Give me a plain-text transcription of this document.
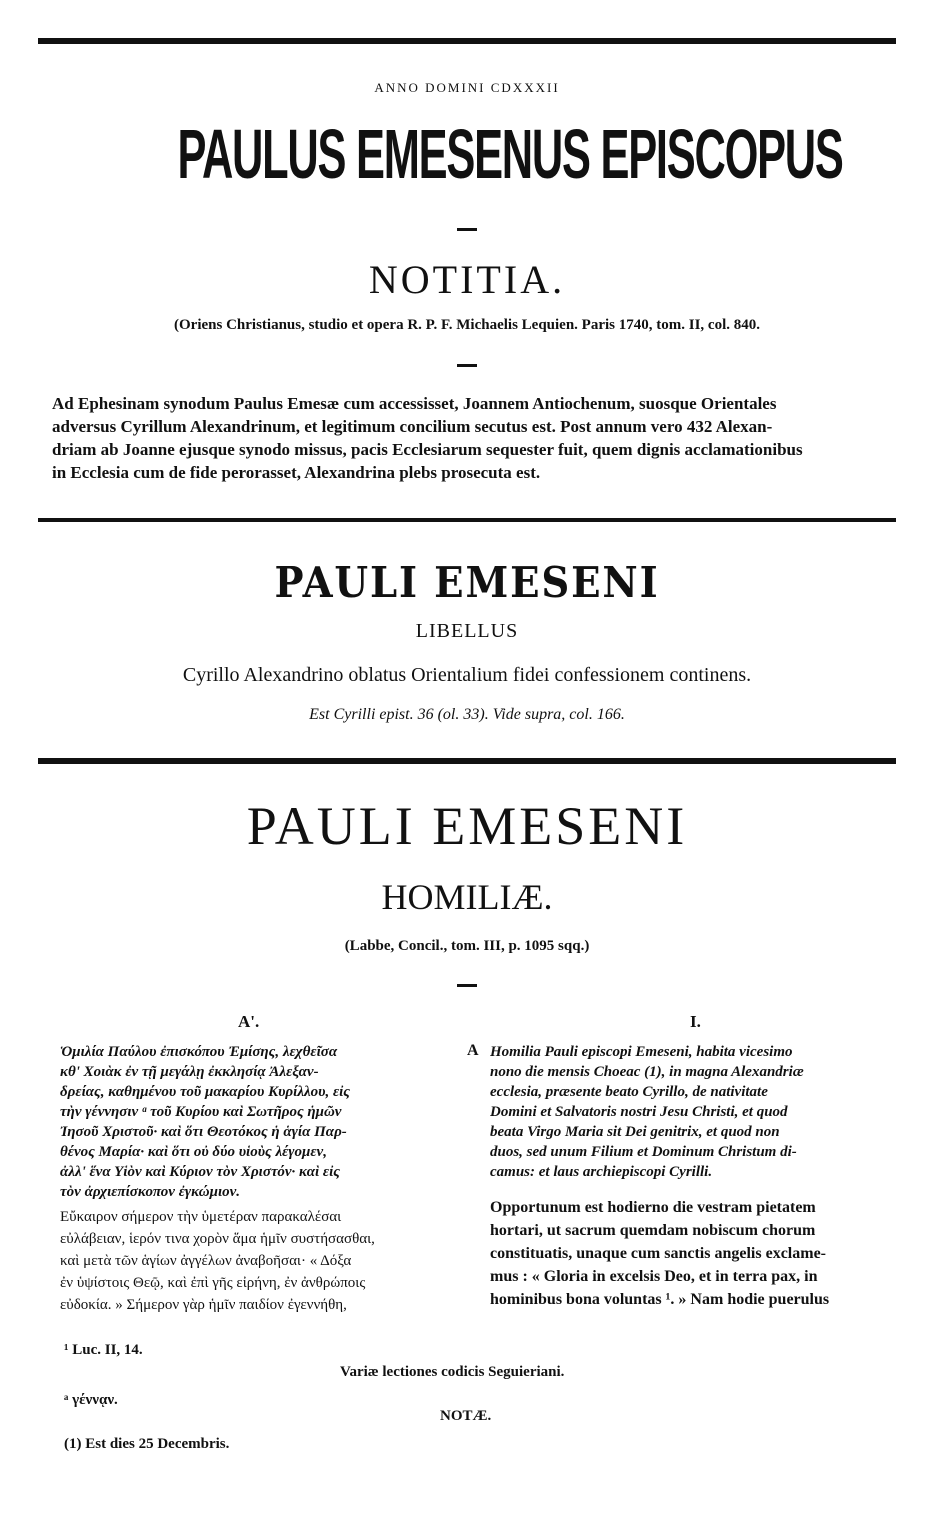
ANNO DOMINI CDXXXII
PAULUS EMESENUS EPISCOPUS
NOTITIA.
(Oriens Christianus, studio et opera R. P. F. Michaelis Lequien. Paris 1740, tom. II, col. 840.
Ad Ephesinam synodum Paulus Emesæ cum accessisset, Joannem Antiochenum, suosque Orientales
adversus Cyrillum Alexandrinum, et legitimum concilium secutus est. Post annum vero 432 Alexan-
driam ab Joanne ejusque synodo missus, pacis Ecclesiarum sequester fuit, quem dignis acclamationibus
in Ecclesia cum de fide perorasset, Alexandrina plebs prosecuta est.
PAULI EMESENI
LIBELLUS
Cyrillo Alexandrino oblatus Orientalium fidei confessionem continens.
Est Cyrilli epist. 36 (ol. 33). Vide supra, col. 166.
PAULI EMESENI
HOMILIÆ.
(Labbe, Concil., tom. III, p. 1095 sqq.)
Α'.	I.
A
Ὁμιλία Παύλου ἐπισκόπου Ἐμίσης, λεχθεῖσα
κθ' Χοιὰκ ἐν τῇ μεγάλῃ ἐκκλησίᾳ Ἀλεξαν-
δρείας, καθημένου τοῦ μακαρίου Κυρίλλου, εἰς
τὴν γέννησιν ᵃ τοῦ Κυρίου καὶ Σωτῆρος ἡμῶν
Ἰησοῦ Χριστοῦ· καὶ ὅτι Θεοτόκος ἡ ἁγία Παρ-
θένος Μαρία· καὶ ὅτι οὐ δύο υἱοὺς λέγομεν,
ἀλλ' ἕνα Υἱὸν καὶ Κύριον τὸν Χριστόν· καὶ εἰς
τὸν ἀρχιεπίσκοπον ἐγκώμιον.
Homilia Pauli episcopi Emeseni, habita vicesimo
nono die mensis Choeac (1), in magna Alexandriæ
ecclesia, præsente beato Cyrillo, de nativitate
Domini et Salvatoris nostri Jesu Christi, et quod
beata Virgo Maria sit Dei genitrix, et quod non
duos, sed unum Filium et Dominum Christum di-
camus: et laus archiepiscopi Cyrilli.
Εὔκαιρον σήμερον τὴν ὑμετέραν παρακαλέσαι
εὐλάβειαν, ἱερόν τινα χορὸν ἅμα ἡμῖν συστήσασθαι,
καὶ μετὰ τῶν ἁγίων ἀγγέλων ἀναβοῆσαι· « Δόξα
ἐν ὑψίστοις Θεῷ, καὶ ἐπὶ γῆς εἰρήνη, ἐν ἀνθρώποις
εὐδοκία. » Σήμερον γὰρ ἡμῖν παιδίον ἐγεννήθη,
Opportunum est hodierno die vestram pietatem
hortari, ut sacrum quemdam nobiscum chorum
constituatis, unaque cum sanctis angelis exclame-
mus : « Gloria in excelsis Deo, et in terra pax, in
hominibus bona voluntas ¹. » Nam hodie puerulus
¹ Luc. II, 14.
Variæ lectiones codicis Seguieriani.
ᵃ γέννᾳν.
NOTÆ.
(1) Est dies 25 Decembris.
